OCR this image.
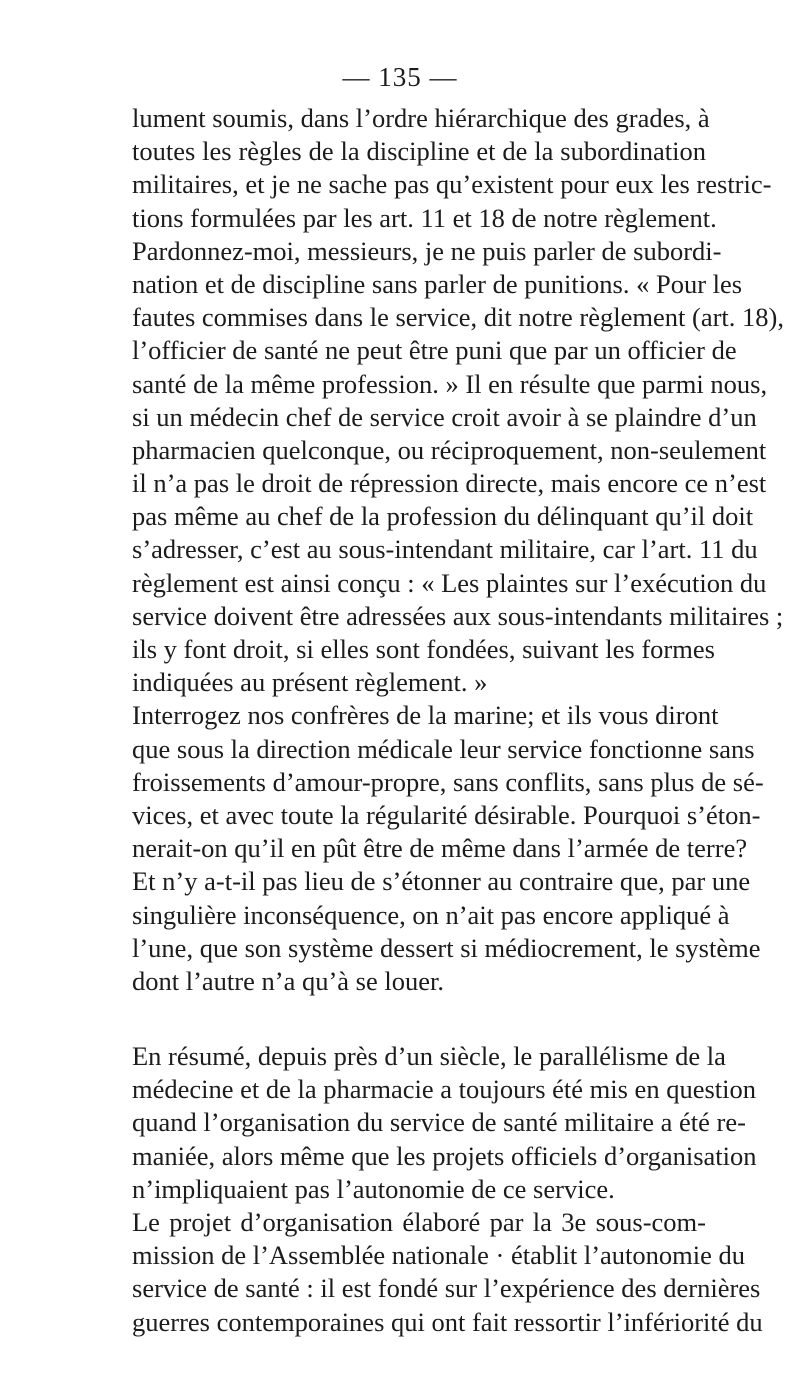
— 135 —
lument soumis, dans l’ordre hiérarchique des grades, à
toutes les règles de la discipline et de la subordination
militaires, et je ne sache pas qu’existent pour eux les restric-
tions formulées par les art. 11 et 18 de notre règlement.
Pardonnez-moi, messieurs, je ne puis parler de subordi-
nation et de discipline sans parler de punitions. « Pour les
fautes commises dans le service, dit notre règlement (art. 18),
l’officier de santé ne peut être puni que par un officier de
santé de la même profession. » Il en résulte que parmi nous,
si un médecin chef de service croit avoir à se plaindre d’un
pharmacien quelconque, ou réciproquement, non-seulement
il n’a pas le droit de répression directe, mais encore ce n’est
pas même au chef de la profession du délinquant qu’il doit
s’adresser, c’est au sous-intendant militaire, car l’art. 11 du
règlement est ainsi conçu : « Les plaintes sur l’exécution du
service doivent être adressées aux sous-intendants militaires ;
ils y font droit, si elles sont fondées, suivant les formes
indiquées au présent règlement. »
Interrogez nos confrères de la marine; et ils vous diront
que sous la direction médicale leur service fonctionne sans
froissements d’amour-propre, sans conflits, sans plus de sé-
vices, et avec toute la régularité désirable. Pourquoi s’éton-
nerait-on qu’il en pût être de même dans l’armée de terre?
Et n’y a-t-il pas lieu de s’étonner au contraire que, par une
singulière inconséquence, on n’ait pas encore appliqué à
l’une, que son système dessert si médiocrement, le système
dont l’autre n’a qu’à se louer.
En résumé, depuis près d’un siècle, le parallélisme de la
médecine et de la pharmacie a toujours été mis en question
quand l’organisation du service de santé militaire a été re-
maniée, alors même que les projets officiels d’organisation
n’impliquaient pas l’autonomie de ce service.
Le projet d’organisation élaboré par la 3e sous-com-
mission de l’Assemblée nationale · établit l’autonomie du
service de santé : il est fondé sur l’expérience des dernières
guerres contemporaines qui ont fait ressortir l’infériorité du
